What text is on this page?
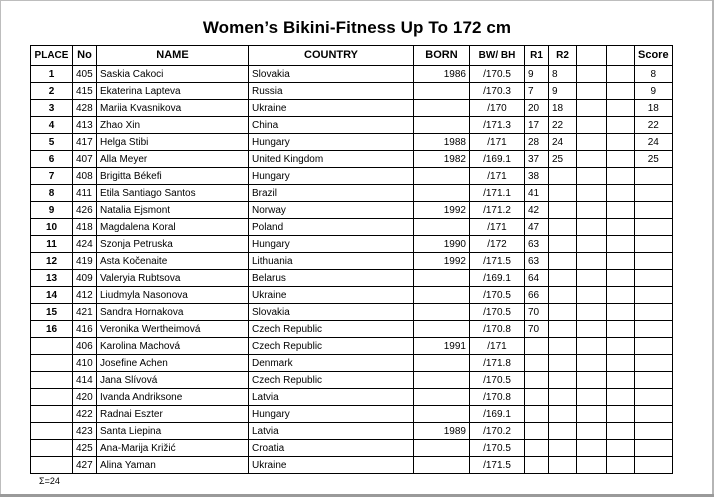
Women’s Bikini-Fitness Up To 172 cm
PLACE	No	NAME	COUNTRY	BORN	BW/ BH	R1	R2			Score
1	405	Saskia Cakoci	Slovakia	1986	/170.5	9	8			8
2	415	Ekaterina Lapteva	Russia		/170.3	7	9			9
3	428	Mariia Kvasnikova	Ukraine		/170	20	18			18
4	413	Zhao Xin	China		/171.3	17	22			22
5	417	Helga Stibi	Hungary	1988	/171	28	24			24
6	407	Alla Meyer	United Kingdom	1982	/169.1	37	25			25
7	408	Brigitta Békefi	Hungary		/171	38				
8	411	Etila Santiago Santos	Brazil		/171.1	41				
9	426	Natalia Ejsmont	Norway	1992	/171.2	42				
10	418	Magdalena Koral	Poland		/171	47				
11	424	Szonja Petruska	Hungary	1990	/172	63				
12	419	Asta Kočenaite	Lithuania	1992	/171.5	63				
13	409	Valeryia Rubtsova	Belarus		/169.1	64				
14	412	Liudmyla Nasonova	Ukraine		/170.5	66				
15	421	Sandra Hornakova	Slovakia		/170.5	70				
16	416	Veronika Wertheimová	Czech Republic		/170.8	70				
	406	Karolina Machová	Czech Republic	1991	/171					
	410	Josefine Achen	Denmark		/171.8					
	414	Jana Slívová	Czech Republic		/170.5					
	420	Ivanda Andriksone	Latvia		/170.8					
	422	Radnai Eszter	Hungary		/169.1					
	423	Santa Liepina	Latvia	1989	/170.2					
	425	Ana-Marija Križić	Croatia		/170.5					
	427	Alina Yaman	Ukraine		/171.5					
Σ=24
